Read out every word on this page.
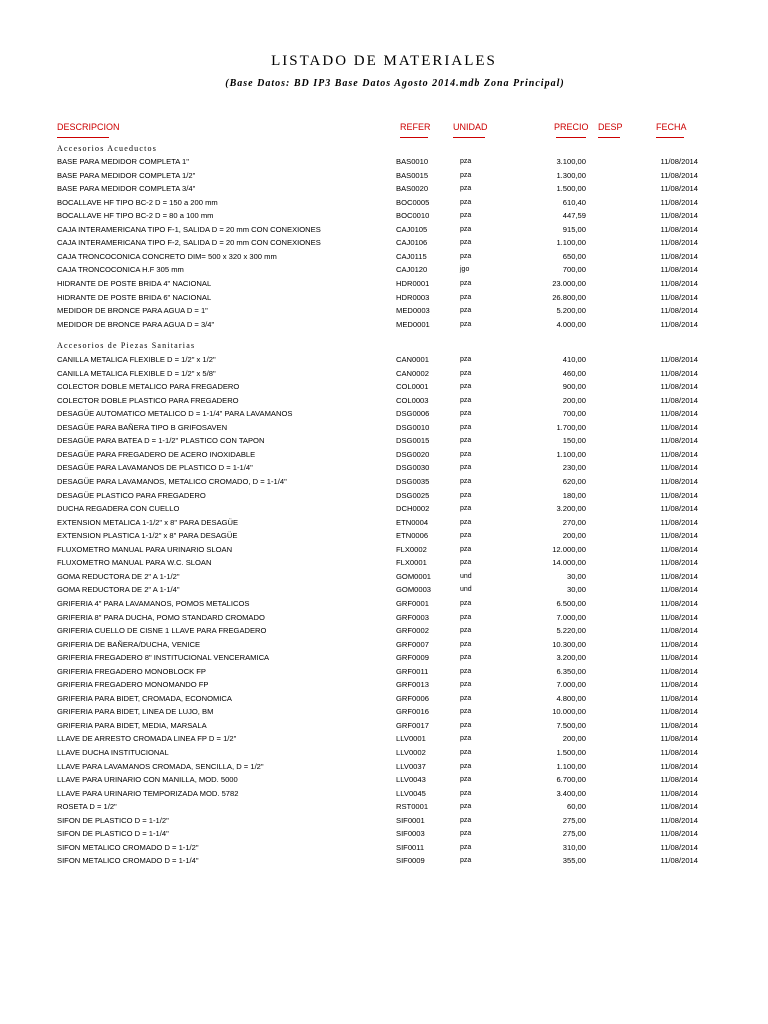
LISTADO DE MATERIALES
(Base Datos: BD IP3 Base Datos Agosto 2014.mdb Zona Principal)
DESCRIPCION	REFER UNIDAD	PRECIO DESP	FECHA
Accesorios Acueductos
BASE PARA MEDIDOR COMPLETA 1"	BAS0010	pza	3.100,00	11/08/2014
BASE PARA MEDIDOR COMPLETA 1/2"	BAS0015	pza	1.300,00	11/08/2014
BASE PARA MEDIDOR COMPLETA 3/4"	BAS0020	pza	1.500,00	11/08/2014
BOCALLAVE HF TIPO BC-2 D = 150 a 200 mm	BOC0005	pza	610,40	11/08/2014
BOCALLAVE HF TIPO BC-2 D = 80 a 100 mm	BOC0010	pza	447,59	11/08/2014
CAJA INTERAMERICANA TIPO F-1, SALIDA D = 20 mm CON CONEXIONES	CAJ0105	pza	915,00	11/08/2014
CAJA INTERAMERICANA TIPO F-2, SALIDA D = 20 mm CON CONEXIONES	CAJ0106	pza	1.100,00	11/08/2014
CAJA TRONCOCONICA CONCRETO DIM= 500 x 320 x 300 mm	CAJ0115	pza	650,00	11/08/2014
CAJA TRONCOCONICA H.F 305 mm	CAJ0120	jgo	700,00	11/08/2014
HIDRANTE DE POSTE BRIDA 4" NACIONAL	HDR0001	pza	23.000,00	11/08/2014
HIDRANTE DE POSTE BRIDA 6" NACIONAL	HDR0003	pza	26.800,00	11/08/2014
MEDIDOR DE BRONCE PARA AGUA D = 1"	MED0003	pza	5.200,00	11/08/2014
MEDIDOR DE BRONCE PARA AGUA D = 3/4"	MED0001	pza	4.000,00	11/08/2014
Accesorios de Piezas Sanitarias
CANILLA METALICA FLEXIBLE D = 1/2" x 1/2"	CAN0001	pza	410,00	11/08/2014
CANILLA METALICA FLEXIBLE D = 1/2" x 5/8"	CAN0002	pza	460,00	11/08/2014
COLECTOR DOBLE METALICO PARA FREGADERO	COL0001	pza	900,00	11/08/2014
COLECTOR DOBLE PLASTICO PARA FREGADERO	COL0003	pza	200,00	11/08/2014
DESAGÜE AUTOMATICO METALICO D = 1-1/4" PARA LAVAMANOS	DSG0006	pza	700,00	11/08/2014
DESAGÜE PARA BAÑERA TIPO B GRIFOSAVEN	DSG0010	pza	1.700,00	11/08/2014
DESAGÜE PARA BATEA D = 1-1/2" PLASTICO CON TAPON	DSG0015	pza	150,00	11/08/2014
DESAGÜE PARA FREGADERO DE ACERO INOXIDABLE	DSG0020	pza	1.100,00	11/08/2014
DESAGÜE PARA LAVAMANOS DE PLASTICO D = 1-1/4"	DSG0030	pza	230,00	11/08/2014
DESAGÜE PARA LAVAMANOS, METALICO CROMADO, D = 1-1/4"	DSG0035	pza	620,00	11/08/2014
DESAGÜE PLASTICO PARA FREGADERO	DSG0025	pza	180,00	11/08/2014
DUCHA REGADERA CON CUELLO	DCH0002	pza	3.200,00	11/08/2014
EXTENSION METALICA 1-1/2" x 8" PARA DESAGÜE	ETN0004	pza	270,00	11/08/2014
EXTENSION PLASTICA 1-1/2" x 8" PARA DESAGÜE	ETN0006	pza	200,00	11/08/2014
FLUXOMETRO MANUAL PARA URINARIO SLOAN	FLX0002	pza	12.000,00	11/08/2014
FLUXOMETRO MANUAL PARA W.C. SLOAN	FLX0001	pza	14.000,00	11/08/2014
GOMA REDUCTORA DE 2" A 1-1/2"	GOM0001	und	30,00	11/08/2014
GOMA REDUCTORA DE 2" A 1-1/4"	GOM0003	und	30,00	11/08/2014
GRIFERIA 4" PARA LAVAMANOS, POMOS METALICOS	GRF0001	pza	6.500,00	11/08/2014
GRIFERIA 8" PARA DUCHA, POMO STANDARD CROMADO	GRF0003	pza	7.000,00	11/08/2014
GRIFERIA CUELLO DE CISNE 1 LLAVE PARA FREGADERO	GRF0002	pza	5.220,00	11/08/2014
GRIFERIA DE BAÑERA/DUCHA, VENICE	GRF0007	pza	10.300,00	11/08/2014
GRIFERIA FREGADERO 8" INSTITUCIONAL VENCERAMICA	GRF0009	pza	3.200,00	11/08/2014
GRIFERIA FREGADERO MONOBLOCK FP	GRF0011	pza	6.350,00	11/08/2014
GRIFERIA FREGADERO MONOMANDO FP	GRF0013	pza	7.000,00	11/08/2014
GRIFERIA PARA BIDET, CROMADA, ECONOMICA	GRF0006	pza	4.800,00	11/08/2014
GRIFERIA PARA BIDET, LINEA DE LUJO, BM	GRF0016	pza	10.000,00	11/08/2014
GRIFERIA PARA BIDET, MEDIA, MARSALA	GRF0017	pza	7.500,00	11/08/2014
LLAVE DE ARRESTO CROMADA LINEA FP D = 1/2"	LLV0001	pza	200,00	11/08/2014
LLAVE DUCHA INSTITUCIONAL	LLV0002	pza	1.500,00	11/08/2014
LLAVE PARA LAVAMANOS CROMADA, SENCILLA, D = 1/2"	LLV0037	pza	1.100,00	11/08/2014
LLAVE PARA URINARIO CON MANILLA, MOD. 5000	LLV0043	pza	6.700,00	11/08/2014
LLAVE PARA URINARIO TEMPORIZADA MOD. 5782	LLV0045	pza	3.400,00	11/08/2014
ROSETA D = 1/2"	RST0001	pza	60,00	11/08/2014
SIFON DE PLASTICO D = 1-1/2"	SIF0001	pza	275,00	11/08/2014
SIFON DE PLASTICO D = 1-1/4"	SIF0003	pza	275,00	11/08/2014
SIFON METALICO CROMADO D = 1-1/2"	SIF0011	pza	310,00	11/08/2014
SIFON METALICO CROMADO D = 1-1/4"	SIF0009	pza	355,00	11/08/2014
